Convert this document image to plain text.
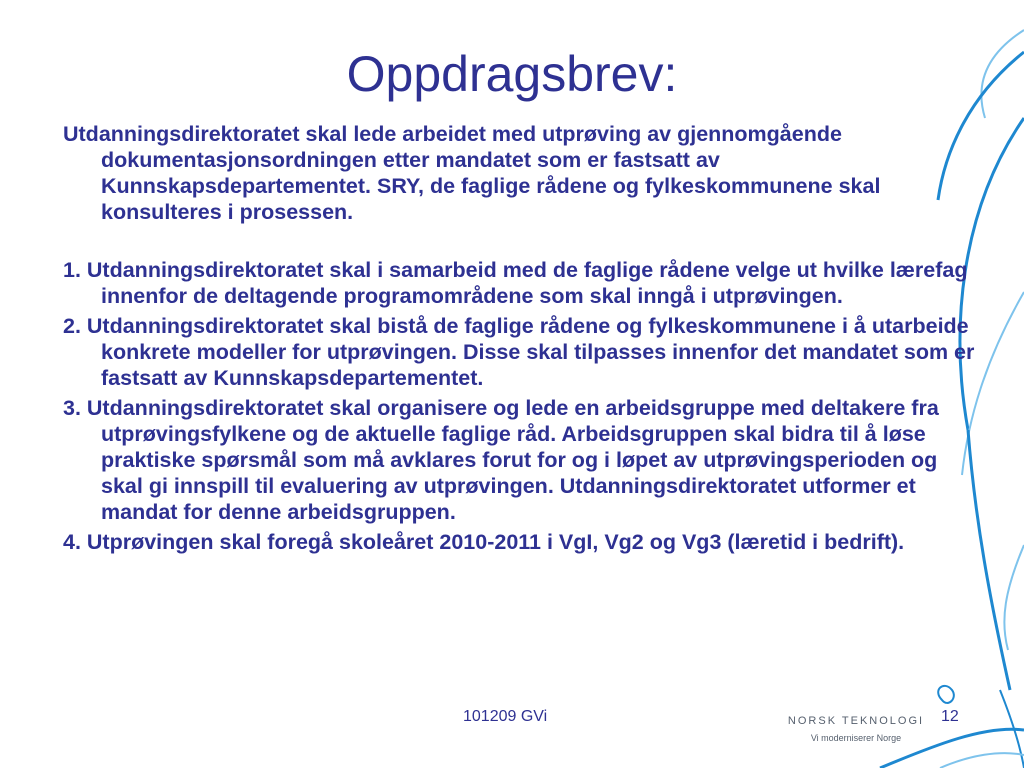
Oppdragsbrev:

Utdanningsdirektoratet skal lede arbeidet med utprøving av gjennomgående dokumentasjonsordningen etter mandatet som er fastsatt av Kunnskapsdepartementet. SRY, de faglige rådene og fylkeskommunene skal konsulteres i prosessen.

1. Utdanningsdirektoratet skal i samarbeid med de faglige rådene velge ut hvilke lærefag innenfor de deltagende programområdene som skal inngå i utprøvingen.

2. Utdanningsdirektoratet skal bistå de faglige rådene og fylkeskommunene i å utarbeide konkrete modeller for utprøvingen. Disse skal tilpasses innenfor det mandatet som er fastsatt av Kunnskapsdepartementet.

3. Utdanningsdirektoratet skal organisere og lede en arbeidsgruppe med deltakere fra utprøvingsfylkene og de aktuelle faglige råd. Arbeidsgruppen skal bidra til å løse praktiske spørsmål som må avklares forut for og i løpet av utprøvingsperioden og skal gi innspill til evaluering av utprøvingen. Utdanningsdirektoratet utformer et mandat for denne arbeidsgruppen.

4. Utprøvingen skal foregå skoleåret 2010-2011 i VgI, Vg2 og Vg3 (læretid i bedrift).

101209 GVi	NORSK TEKNOLOGI
Vi moderniserer Norge
12
